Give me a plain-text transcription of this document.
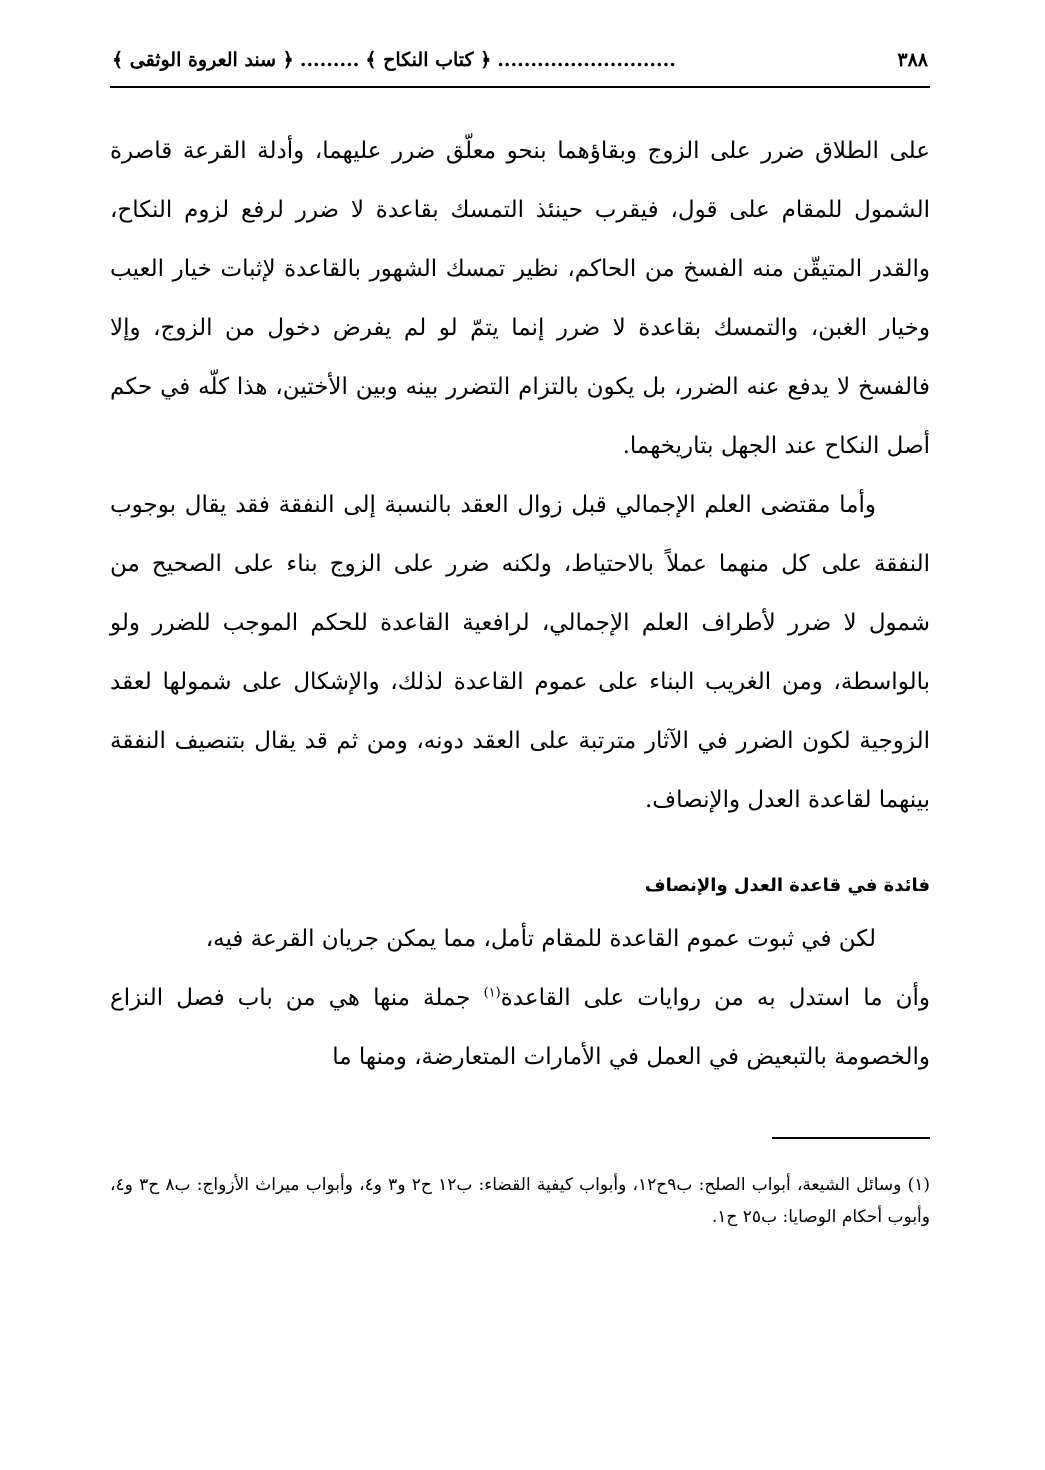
٣٨٨
...........................
﴿ كتاب النكاح ﴾
.........
﴿ سند العروة الوثقى ﴾

على الطلاق ضرر على الزوج وبقاؤهما بنحو معلّق ضرر عليهما، وأدلة القرعة قاصرة الشمول للمقام على قول، فيقرب حينئذ التمسك بقاعدة لا ضرر لرفع لزوم النكاح، والقدر المتيقّن منه الفسخ من الحاكم، نظير تمسك الشهور بالقاعدة لإثبات خيار العيب وخيار الغبن، والتمسك بقاعدة لا ضرر إنما يتمّ لو لم يفرض دخول من الزوج، وإلا فالفسخ لا يدفع عنه الضرر، بل يكون بالتزام التضرر بينه وبين الأختين، هذا كلّه في حكم أصل النكاح عند الجهل بتاريخهما.

وأما مقتضى العلم الإجمالي قبل زوال العقد بالنسبة إلى النفقة فقد يقال بوجوب النفقة على كل منهما عملاً بالاحتياط، ولكنه ضرر على الزوج بناء على الصحيح من شمول لا ضرر لأطراف العلم الإجمالي، لرافعية القاعدة للحكم الموجب للضرر ولو بالواسطة، ومن الغريب البناء على عموم القاعدة لذلك، والإشكال على شمولها لعقد الزوجية لكون الضرر في الآثار مترتبة على العقد دونه، ومن ثم قد يقال بتنصيف النفقة بينهما لقاعدة العدل والإنصاف.

فائدة في قاعدة العدل والإنصاف

لكن في ثبوت عموم القاعدة للمقام تأمل، مما يمكن جريان القرعة فيه،

وأن ما استدل به من روايات على القاعدة$^{(١)}$ جملة منها هي من باب فصل النزاع والخصومة بالتبعيض في العمل في الأمارات المتعارضة، ومنها ما

(١) وسائل الشيعة، أبواب الصلح: ب٩ح١٢، وأبواب كيفية القضاء: ب١٢ ح٢ و٣ و٤، وأبواب ميراث الأزواج: ب٨ ح٣ و٤، وأبوب أحكام الوصايا: ب٢٥ ح١.
